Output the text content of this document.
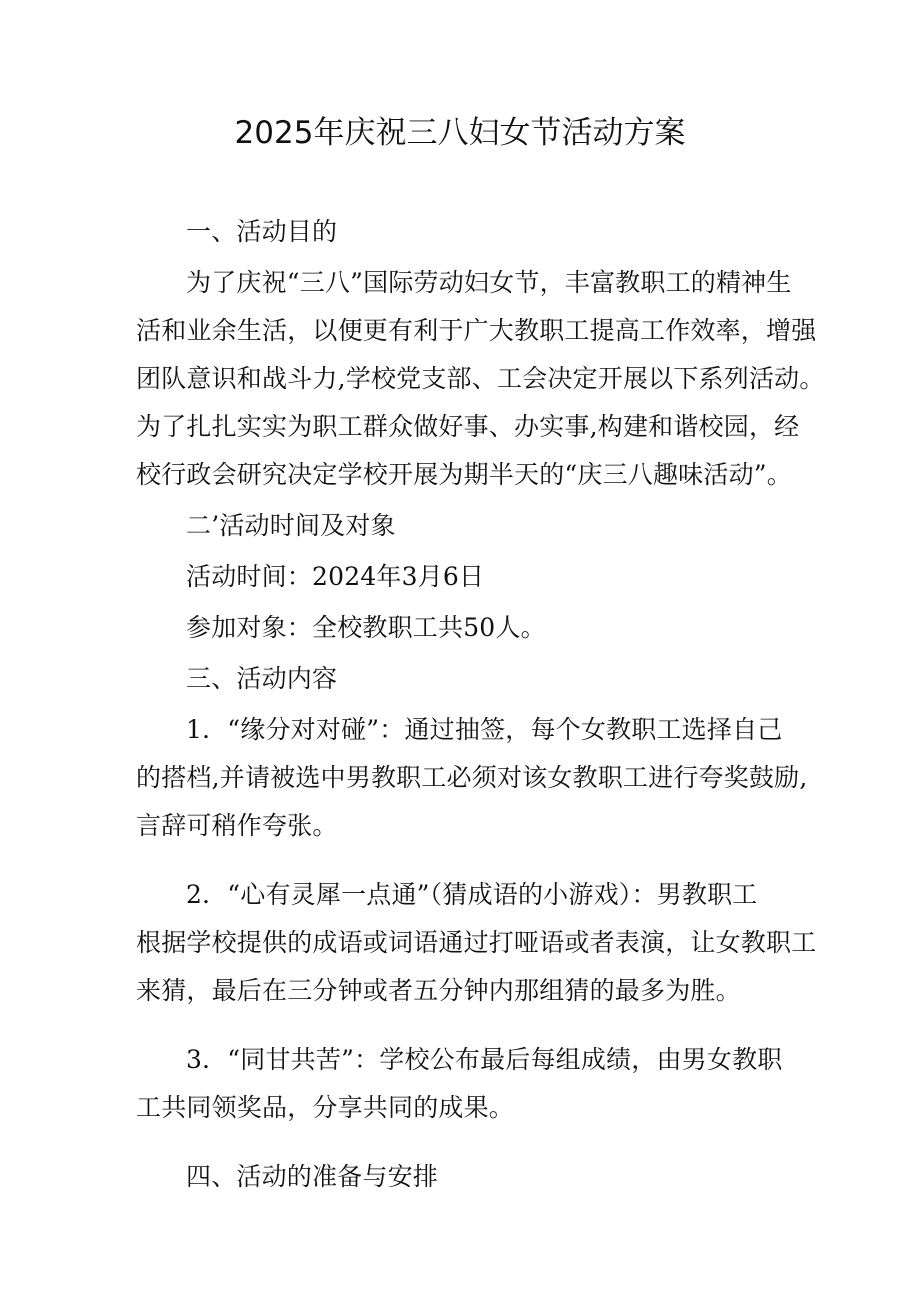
2025年庆祝三八妇女节活动方案
一、活动目的
为了庆祝“三八”国际劳动妇女节，丰富教职工的精神生
活和业余生活，以便更有利于广大教职工提高工作效率，增强
团队意识和战斗力,学校党支部、工会决定开展以下系列活动。
为了扎扎实实为职工群众做好事、办实事,构建和谐校园，经
校行政会研究决定学校开展为期半天的“庆三八趣味活动”。
二’活动时间及对象
活动时间：2024年3月6日
参加对象：全校教职工共50人。
三、活动内容
1．“缘分对对碰”：通过抽签，每个女教职工选择自己
的搭档,并请被选中男教职工必须对该女教职工进行夸奖鼓励,
言辞可稍作夸张。
2．“心有灵犀一点通”（猜成语的小游戏）：男教职工
根据学校提供的成语或词语通过打哑语或者表演，让女教职工
来猜，最后在三分钟或者五分钟内那组猜的最多为胜。
3．“同甘共苦”：学校公布最后每组成绩，由男女教职
工共同领奖品，分享共同的成果。
四、活动的准备与安排
